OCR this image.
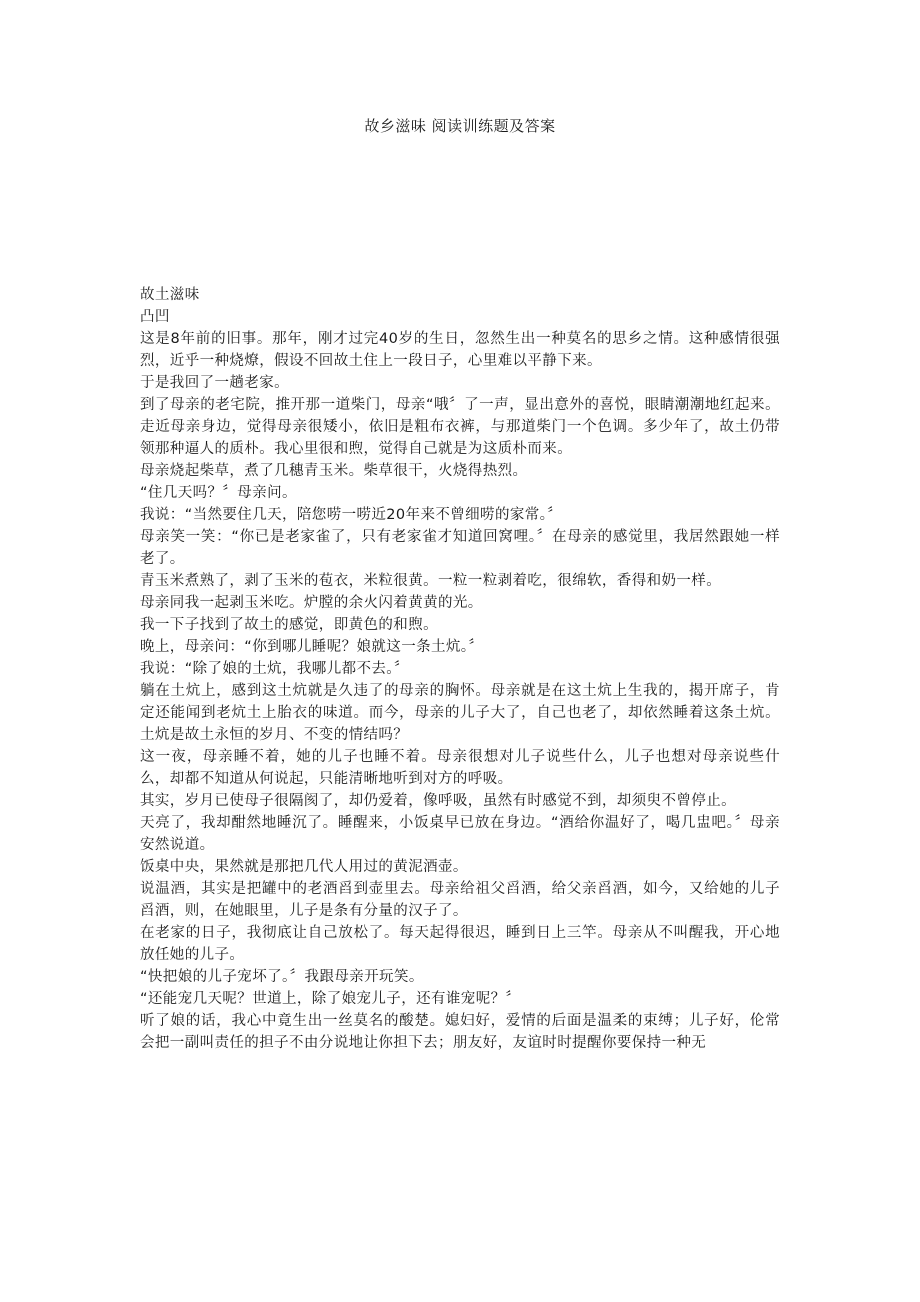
故乡滋味 阅读训练题及答案

故土滋味

凸凹

这是8年前的旧事。那年，刚才过完40岁的生日，忽然生出一种莫名的思乡之情。这种感情很强烈，近乎一种烧燎，假设不回故土住上一段日子，心里难以平静下来。

于是我回了一趟老家。

到了母亲的老宅院，推开那一道柴门，母亲“哦〞了一声，显出意外的喜悦，眼睛潮潮地红起来。走近母亲身边，觉得母亲很矮小，依旧是粗布衣裤，与那道柴门一个色调。多少年了，故土仍带领那种逼人的质朴。我心里很和煦，觉得自己就是为这质朴而来。

母亲烧起柴草，煮了几穗青玉米。柴草很干，火烧得热烈。

“住几天吗？〞母亲问。

我说：“当然要住几天，陪您唠一唠近20年来不曾细唠的家常。〞

母亲笑一笑：“你已是老家雀了，只有老家雀才知道回窝哩。〞在母亲的感觉里，我居然跟她一样老了。

青玉米煮熟了，剥了玉米的苞衣，米粒很黄。一粒一粒剥着吃，很绵软，香得和奶一样。

母亲同我一起剥玉米吃。炉膛的余火闪着黄黄的光。

我一下子找到了故土的感觉，即黄色的和煦。

晚上，母亲问：“你到哪儿睡呢？娘就这一条土炕。〞

我说：“除了娘的土炕，我哪儿都不去。〞

躺在土炕上，感到这土炕就是久违了的母亲的胸怀。母亲就是在这土炕上生我的，揭开席子，肯定还能闻到老炕土上胎衣的味道。而今，母亲的儿子大了，自己也老了，却依然睡着这条土炕。土炕是故土永恒的岁月、不变的情结吗？

这一夜，母亲睡不着，她的儿子也睡不着。母亲很想对儿子说些什么，儿子也想对母亲说些什么，却都不知道从何说起，只能清晰地听到对方的呼吸。

其实，岁月已使母子很隔阂了，却仍爱着，像呼吸，虽然有时感觉不到，却须臾不曾停止。

天亮了，我却酣然地睡沉了。睡醒来，小饭桌早已放在身边。“酒给你温好了，喝几盅吧。〞母亲安然说道。

饭桌中央，果然就是那把几代人用过的黄泥酒壶。

说温酒，其实是把罐中的老酒舀到壶里去。母亲给祖父舀酒，给父亲舀酒，如今，又给她的儿子舀酒，则，在她眼里，儿子是条有分量的汉子了。

在老家的日子，我彻底让自己放松了。每天起得很迟，睡到日上三竿。母亲从不叫醒我，开心地放任她的儿子。

“快把娘的儿子宠坏了。〞我跟母亲开玩笑。

“还能宠几天呢？世道上，除了娘宠儿子，还有谁宠呢？〞

听了娘的话，我心中竟生出一丝莫名的酸楚。媳妇好，爱情的后面是温柔的束缚；儿子好，伦常会把一副叫责任的担子不由分说地让你担下去；朋友好，友谊时时提醒你要保持一种无
